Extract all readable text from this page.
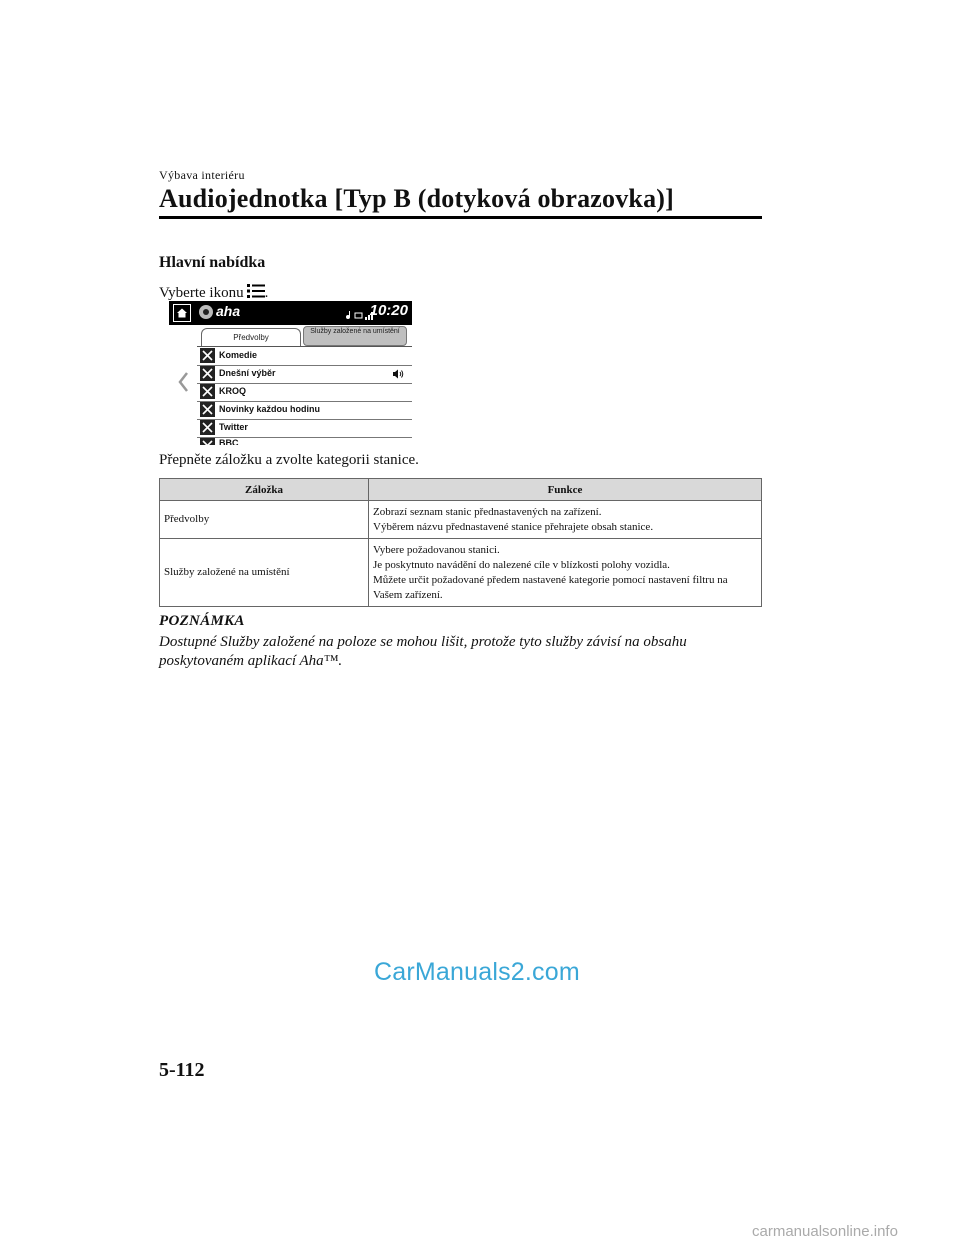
Výbava interiéru
Audiojednotka [Typ B (dotyková obrazovka)]
Hlavní nabídka
Vyberte ikonu .
aha	10:20
Předvolby
Služby založené na umístění
Komedie
Dnešní výběr
KROQ
Novinky každou hodinu
Twitter
BBC
Přepněte záložku a zvolte kategorii stanice.
Záložka	Funkce
Předvolby	Zobrazí seznam stanic přednastavených na zařízení.

Výběrem názvu přednastavené stanice přehrajete obsah stanice.

Služby založené na umístění	Vybere požadovanou stanici.

Je poskytnuto navádění do nalezené cíle v blízkosti polohy vozidla.

Můžete určit požadované předem nastavené kategorie pomocí nastavení filtru na Vašem zařízení.

POZNÁMKA
Dostupné Služby založené na poloze se mohou lišit, protože tyto služby závisí na obsahu poskytovaném aplikací Aha™.
CarManuals2.com
5-112
carmanualsonline.info
